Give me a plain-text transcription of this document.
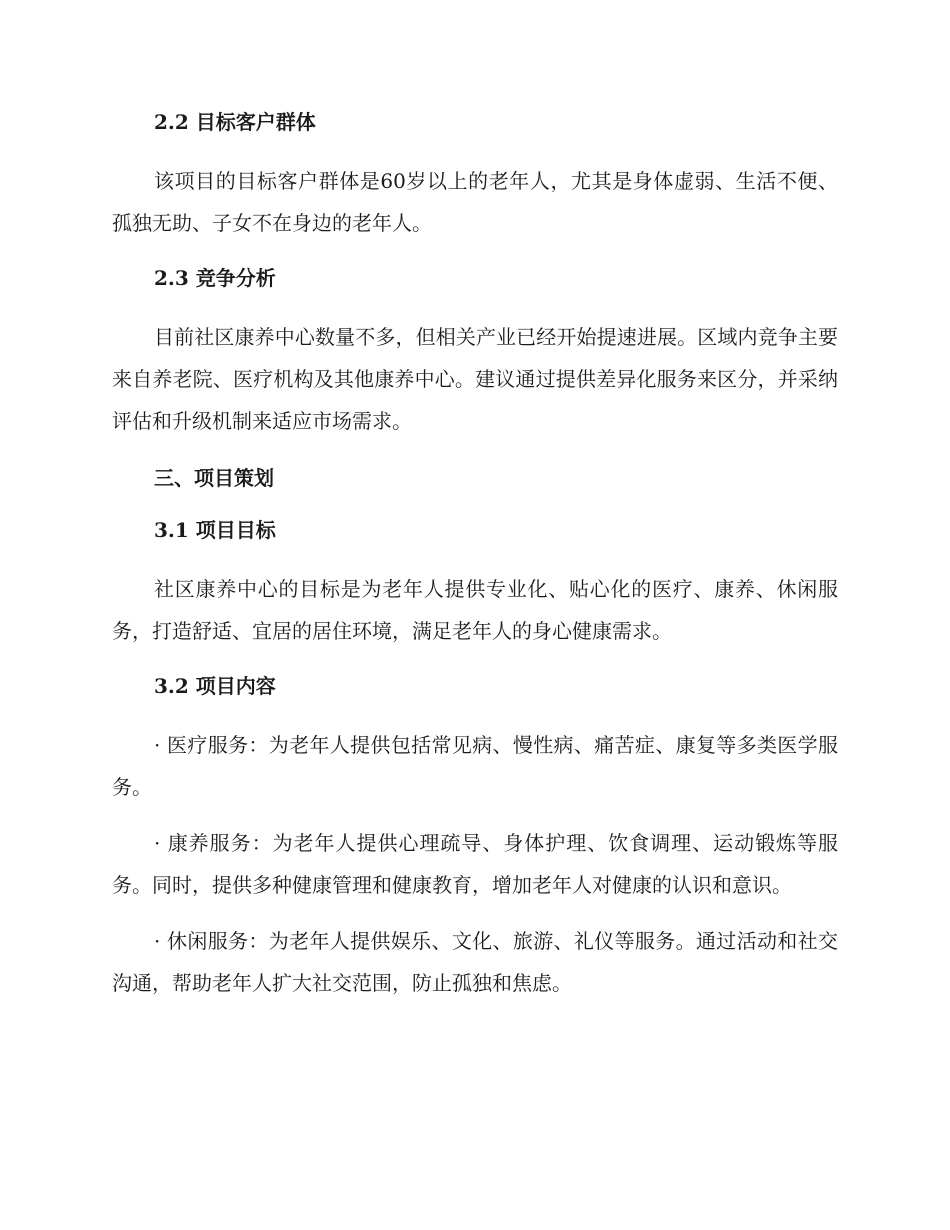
2.2 目标客户群体

该项目的目标客户群体是60岁以上的老年人，尤其是身体虚弱、生活不便、孤独无助、子女不在身边的老年人。

2.3 竞争分析

目前社区康养中心数量不多，但相关产业已经开始提速进展。区域内竞争主要来自养老院、医疗机构及其他康养中心。建议通过提供差异化服务来区分，并采纳评估和升级机制来适应市场需求。

三、项目策划

3.1 项目目标

社区康养中心的目标是为老年人提供专业化、贴心化的医疗、康养、休闲服务，打造舒适、宜居的居住环境，满足老年人的身心健康需求。

3.2 项目内容

· 医疗服务：为老年人提供包括常见病、慢性病、痛苦症、康复等多类医学服务。

· 康养服务：为老年人提供心理疏导、身体护理、饮食调理、运动锻炼等服务。同时，提供多种健康管理和健康教育，增加老年人对健康的认识和意识。

· 休闲服务：为老年人提供娱乐、文化、旅游、礼仪等服务。通过活动和社交沟通，帮助老年人扩大社交范围，防止孤独和焦虑。
